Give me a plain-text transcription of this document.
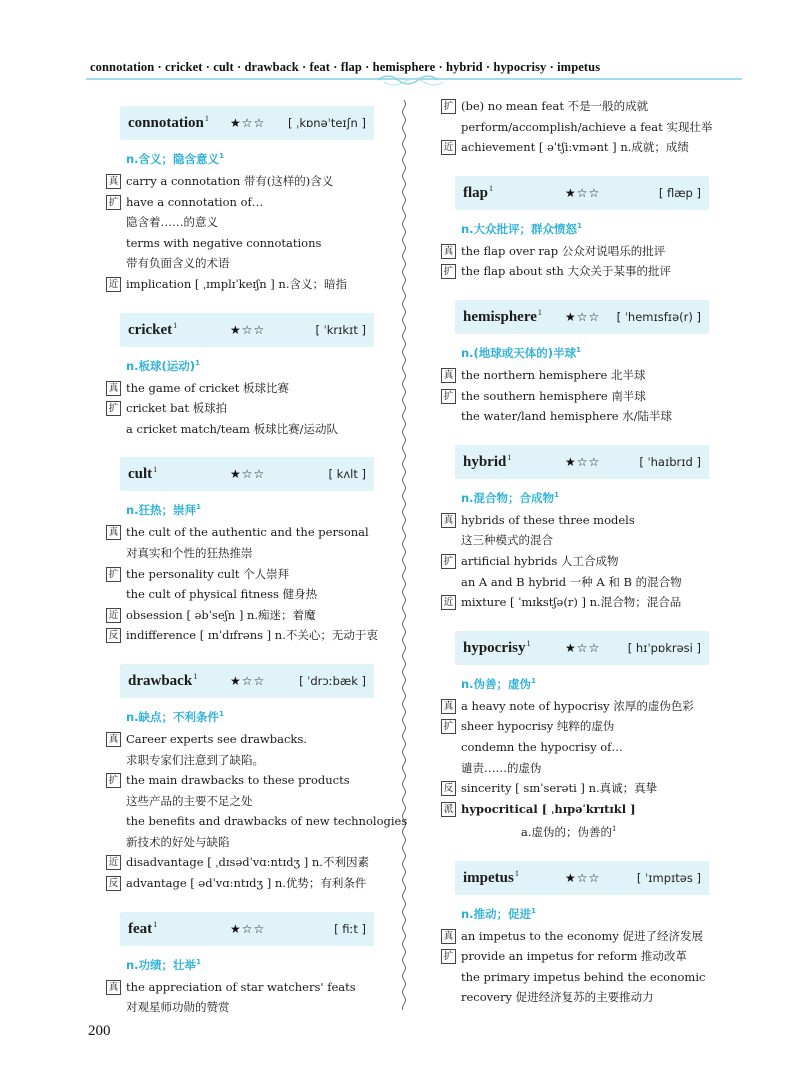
connotation · cricket · cult · drawback · feat · flap · hemisphere · hybrid · hypocrisy · impetus
connotation$^1$ ★☆☆ [ ˌkɒnəˈteɪʃn ]
n.含义；隐含意义$^1$
真 carry a connotation 带有(这样的)含义
扩 have a connotation of…
隐含着……的意义
terms with negative connotations
带有负面含义的术语
近 implication [ ˌɪmplɪˈkeɪʃn ] n.含义；暗指
cricket$^1$	★☆☆	[ ˈkrɪkɪt ]
n.板球(运动)$^1$
真 the game of cricket 板球比赛
扩 cricket bat 板球拍
a cricket match/team 板球比赛/运动队
cult$^1$	★☆☆	[ kʌlt ]
n.狂热；崇拜$^1$
真 the cult of the authentic and the personal
对真实和个性的狂热推崇
扩 the personality cult 个人崇拜
the cult of physical fitness 健身热
近 obsession [ əbˈseʃn ] n.痴迷；着魔
反 indifference [ ɪnˈdɪfrəns ] n.不关心；无动于衷
drawback$^1$	★☆☆	[ ˈdrɔːbæk ]
n.缺点；不利条件$^1$
真 Career experts see drawbacks.
求职专家们注意到了缺陷。
扩 the main drawbacks to these products
这些产品的主要不足之处
the benefits and drawbacks of new technologies
新技术的好处与缺陷
近 disadvantage [ ˌdɪsədˈvɑːntɪdʒ ] n.不利因素
反 advantage [ ədˈvɑːntɪdʒ ] n.优势；有利条件
feat$^1$	★☆☆	[ fiːt ]
n.功绩；壮举$^1$
真 the appreciation of star watchers' feats
对观星师功勋的赞赏
扩 (be) no mean feat 不是一般的成就
perform/accomplish/achieve a feat 实现壮举
近 achievement [ əˈtʃiːvmənt ] n.成就；成绩
flap$^1$	★☆☆	[ flæp ]
n.大众批评；群众愤怒$^1$
真 the flap over rap 公众对说唱乐的批评
扩 the flap about sth 大众关于某事的批评
hemisphere$^1$ ★☆☆ [ ˈhemɪsfɪə(r) ]
n.(地球或天体的)半球$^1$
真 the northern hemisphere 北半球
扩 the southern hemisphere 南半球
the water/land hemisphere 水/陆半球
hybrid$^1$	★☆☆	[ ˈhaɪbrɪd ]
n.混合物；合成物$^1$
真 hybrids of these three models
这三种模式的混合
扩 artificial hybrids 人工合成物
an A and B hybrid 一种 A 和 B 的混合物
近 mixture [ ˈmɪkstʃə(r) ] n.混合物；混合品
hypocrisy$^1$	★☆☆ [ hɪˈpɒkrəsi ]
n.伪善；虚伪$^1$
真 a heavy note of hypocrisy 浓厚的虚伪色彩
扩 sheer hypocrisy 纯粹的虚伪
condemn the hypocrisy of…
谴责……的虚伪
反 sincerity [ sɪnˈserəti ] n.真诚；真挚
派 hypocritical [ ˌhɪpəˈkrɪtɪkl ]
a.虚伪的；伪善的$^1$
impetus$^1$	★☆☆	[ ˈɪmpɪtəs ]
n.推动；促进$^1$
真 an impetus to the economy 促进了经济发展
扩 provide an impetus for reform 推动改革
the primary impetus behind the economic
recovery 促进经济复苏的主要推动力
200
